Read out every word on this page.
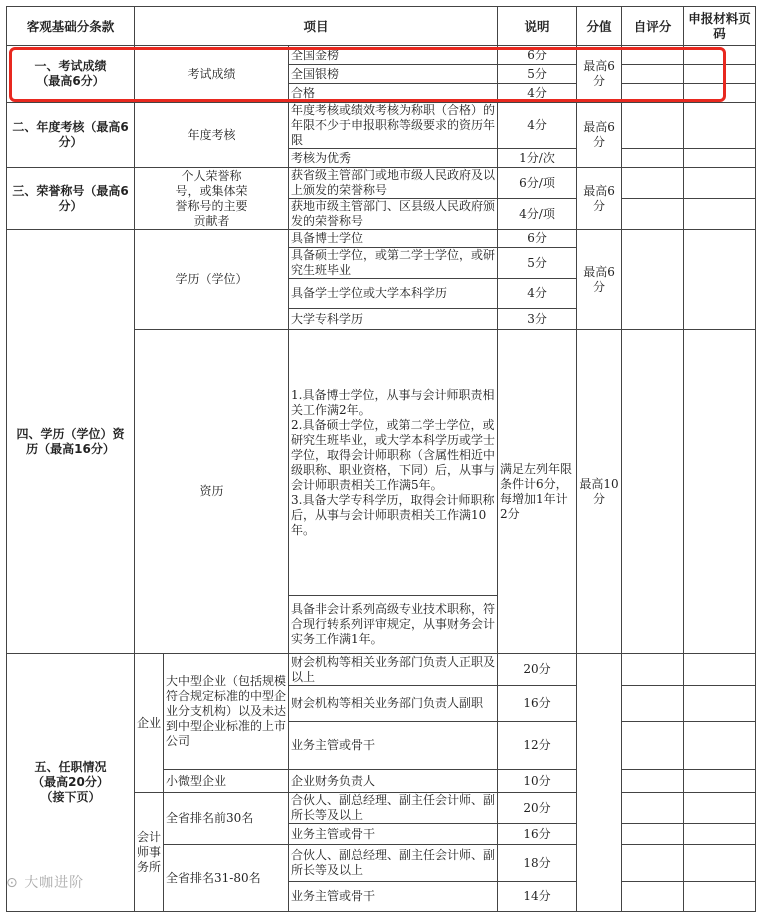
客观基础分条款	项目			说明	分值	自评分	申报材料页码
一、考试成绩
（最高6分）	考试成绩		全国金榜	6分	最高6
分		
			全国银榜	5分			
			合格	4分			
二、年度考核（最高6
分）	年度考核		年度考核或绩效考核为称职（合格）的年限不少于申报职称等级要求的资历年限	4分	最高6
分		
			考核为优秀	1分/次			
三、荣誉称号（最高6
分）	个人荣誉称
号，或集体荣
誉称号的主要
贡献者		获省级主管部门或地市级人民政府及以上颁发的荣誉称号	6分/项	最高6
分		
			获地市级主管部门、区县级人民政府颁发的荣誉称号	4分/项			
四、学历（学位）资
历（最高16分）	学历（学位）		具备博士学位	6分	最高6
分		
			具备硕士学位，或第二学士学位，或研究生班毕业	5分			
			具备学士学位或大学本科学历	4分			
			大学专科学历	3分			
	资历		1.具备博士学位，从事与会计师职责相关工作满2年。
2.具备硕士学位，或第二学士学位，或研究生班毕业，或大学本科学历或学士学位，取得会计师职称（含属性相近中级职称、职业资格，下同）后，从事与会计师职责相关工作满5年。
3.具备大学专科学历，取得会计师职称后，从事与会计师职责相关工作满10年。	满足左列年限条件计6分，每增加1年计2分	最高10
分		
			具备非会计系列高级专业技术职称，符合现行转系列评审规定，从事财务会计实务工作满1年。				
五、任职情况
（最高20分）
（接下页）	企业	大中型企业（包括规模符合规定标准的中型企业分支机构）以及未达到中型企业标准的上市公司	财会机构等相关业务部门负责人正职及以上	20分			
			财会机构等相关业务部门负责人副职	16分			
			业务主管或骨干	12分			
		小微型企业	企业财务负责人	10分			
	会计
师事
务所	全省排名前30名	合伙人、副总经理、副主任会计师、副所长等及以上	20分			
			业务主管或骨干	16分			
		全省排名31-80名	合伙人、副总经理、副主任会计师、副所长等及以上	18分			
			业务主管或骨干	14分			
⊙ 大咖进阶
